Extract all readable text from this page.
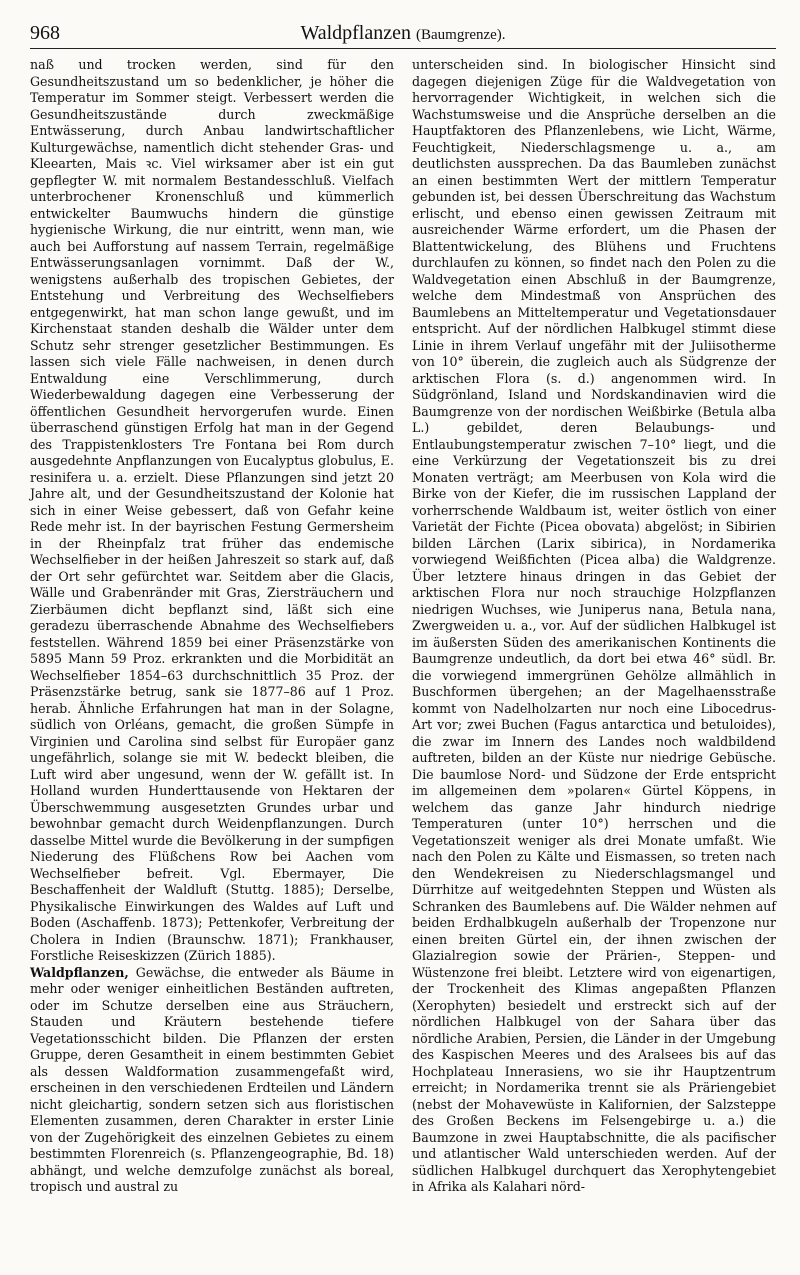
968	Waldpflanzen (Baumgrenze).

naß und trocken werden, sind für den Gesundheitszustand um so bedenklicher, je höher die Temperatur im Sommer steigt. Verbessert werden die Gesundheitszustände durch zweckmäßige Entwässerung, durch Anbau landwirtschaftlicher Kulturgewächse, namentlich dicht stehender Gras- und Kleearten, Mais ꝛc. Viel wirksamer aber ist ein gut gepflegter W. mit normalem Bestandesschluß. Vielfach unterbrochener Kronenschluß und kümmerlich entwickelter Baumwuchs hindern die günstige hygienische Wirkung, die nur eintritt, wenn man, wie auch bei Aufforstung auf nassem Terrain, regelmäßige Entwässerungsanlagen vornimmt. Daß der W., wenigstens außerhalb des tropischen Gebietes, der Entstehung und Verbreitung des Wechselfiebers entgegenwirkt, hat man schon lange gewußt, und im Kirchenstaat standen deshalb die Wälder unter dem Schutz sehr strenger gesetzlicher Bestimmungen. Es lassen sich viele Fälle nachweisen, in denen durch Entwaldung eine Verschlimmerung, durch Wiederbewaldung dagegen eine Verbesserung der öffentlichen Gesundheit hervorgerufen wurde. Einen überraschend günstigen Erfolg hat man in der Gegend des Trappistenklosters Tre Fontana bei Rom durch ausgedehnte Anpflanzungen von Eucalyptus globulus, E. resinifera u. a. erzielt. Diese Pflanzungen sind jetzt 20 Jahre alt, und der Gesundheitszustand der Kolonie hat sich in einer Weise gebessert, daß von Gefahr keine Rede mehr ist. In der bayrischen Festung Germersheim in der Rheinpfalz trat früher das endemische Wechselfieber in der heißen Jahreszeit so stark auf, daß der Ort sehr gefürchtet war. Seitdem aber die Glacis, Wälle und Grabenränder mit Gras, Ziersträuchern und Zierbäumen dicht bepflanzt sind, läßt sich eine geradezu überraschende Abnahme des Wechselfiebers feststellen. Während 1859 bei einer Präsenzstärke von 5895 Mann 59 Proz. erkrankten und die Morbidität an Wechselfieber 1854–63 durchschnittlich 35 Proz. der Präsenzstärke betrug, sank sie 1877–86 auf 1 Proz. herab. Ähnliche Erfahrungen hat man in der Solagne, südlich von Orléans, gemacht, die großen Sümpfe in Virginien und Carolina sind selbst für Europäer ganz ungefährlich, solange sie mit W. bedeckt bleiben, die Luft wird aber ungesund, wenn der W. gefällt ist. In Holland wurden Hunderttausende von Hektaren der Überschwemmung ausgesetzten Grundes urbar und bewohnbar gemacht durch Weidenpflanzungen. Durch dasselbe Mittel wurde die Bevölkerung in der sumpfigen Niederung des Flüßchens Row bei Aachen vom Wechselfieber befreit. Vgl. Ebermayer, Die Beschaffenheit der Waldluft (Stuttg. 1885); Derselbe, Physikalische Einwirkungen des Waldes auf Luft und Boden (Aschaffenb. 1873); Pettenkofer, Verbreitung der Cholera in Indien (Braunschw. 1871); Frankhauser, Forstliche Reiseskizzen (Zürich 1885).

Waldpflanzen, Gewächse, die entweder als Bäume in mehr oder weniger einheitlichen Beständen auftreten, oder im Schutze derselben eine aus Sträuchern, Stauden und Kräutern bestehende tiefere Vegetationsschicht bilden. Die Pflanzen der ersten Gruppe, deren Gesamtheit in einem bestimmten Gebiet als dessen Waldformation zusammengefaßt wird, erscheinen in den verschiedenen Erdteilen und Ländern nicht gleichartig, sondern setzen sich aus floristischen Elementen zusammen, deren Charakter in erster Linie von der Zugehörigkeit des einzelnen Gebietes zu einem bestimmten Florenreich (s. Pflanzengeographie, Bd. 18) abhängt, und welche demzufolge zunächst als boreal, tropisch und austral zu

unterscheiden sind. In biologischer Hinsicht sind dagegen diejenigen Züge für die Waldvegetation von hervorragender Wichtigkeit, in welchen sich die Wachstumsweise und die Ansprüche derselben an die Hauptfaktoren des Pflanzenlebens, wie Licht, Wärme, Feuchtigkeit, Niederschlagsmenge u. a., am deutlichsten aussprechen. Da das Baumleben zunächst an einen bestimmten Wert der mittlern Temperatur gebunden ist, bei dessen Überschreitung das Wachstum erlischt, und ebenso einen gewissen Zeitraum mit ausreichender Wärme erfordert, um die Phasen der Blattentwickelung, des Blühens und Fruchtens durchlaufen zu können, so findet nach den Polen zu die Waldvegetation einen Abschluß in der Baumgrenze, welche dem Mindestmaß von Ansprüchen des Baumlebens an Mitteltemperatur und Vegetationsdauer entspricht. Auf der nördlichen Halbkugel stimmt diese Linie in ihrem Verlauf ungefähr mit der Juliisotherme von 10° überein, die zugleich auch als Südgrenze der arktischen Flora (s. d.) angenommen wird. In Südgrönland, Island und Nordskandinavien wird die Baumgrenze von der nordischen Weißbirke (Betula alba L.) gebildet, deren Belaubungs- und Entlaubungstemperatur zwischen 7–10° liegt, und die eine Verkürzung der Vegetationszeit bis zu drei Monaten verträgt; am Meerbusen von Kola wird die Birke von der Kiefer, die im russischen Lappland der vorherrschende Waldbaum ist, weiter östlich von einer Varietät der Fichte (Picea obovata) abgelöst; in Sibirien bilden Lärchen (Larix sibirica), in Nordamerika vorwiegend Weißfichten (Picea alba) die Waldgrenze. Über letztere hinaus dringen in das Gebiet der arktischen Flora nur noch strauchige Holzpflanzen niedrigen Wuchses, wie Juniperus nana, Betula nana, Zwergweiden u. a., vor. Auf der südlichen Halbkugel ist im äußersten Süden des amerikanischen Kontinents die Baumgrenze undeutlich, da dort bei etwa 46° südl. Br. die vorwiegend immergrünen Gehölze allmählich in Buschformen übergehen; an der Magelhaensstraße kommt von Nadelholzarten nur noch eine Libocedrus-Art vor; zwei Buchen (Fagus antarctica und betuloides), die zwar im Innern des Landes noch waldbildend auftreten, bilden an der Küste nur niedrige Gebüsche. Die baumlose Nord- und Südzone der Erde entspricht im allgemeinen dem »polaren« Gürtel Köppens, in welchem das ganze Jahr hindurch niedrige Temperaturen (unter 10°) herrschen und die Vegetationszeit weniger als drei Monate umfaßt. Wie nach den Polen zu Kälte und Eismassen, so treten nach den Wendekreisen zu Niederschlagsmangel und Dürrhitze auf weitgedehnten Steppen und Wüsten als Schranken des Baumlebens auf. Die Wälder nehmen auf beiden Erdhalbkugeln außerhalb der Tropenzone nur einen breiten Gürtel ein, der ihnen zwischen der Glazialregion sowie der Prärien-, Steppen- und Wüstenzone frei bleibt. Letztere wird von eigenartigen, der Trockenheit des Klimas angepaßten Pflanzen (Xerophyten) besiedelt und erstreckt sich auf der nördlichen Halbkugel von der Sahara über das nördliche Arabien, Persien, die Länder in der Umgebung des Kaspischen Meeres und des Aralsees bis auf das Hochplateau Innerasiens, wo sie ihr Hauptzentrum erreicht; in Nordamerika trennt sie als Präriengebiet (nebst der Mohavewüste in Kalifornien, der Salzsteppe des Großen Beckens im Felsengebirge u. a.) die Baumzone in zwei Hauptabschnitte, die als pacifischer und atlantischer Wald unterschieden werden. Auf der südlichen Halbkugel durchquert das Xerophytengebiet in Afrika als Kalahari nörd-
